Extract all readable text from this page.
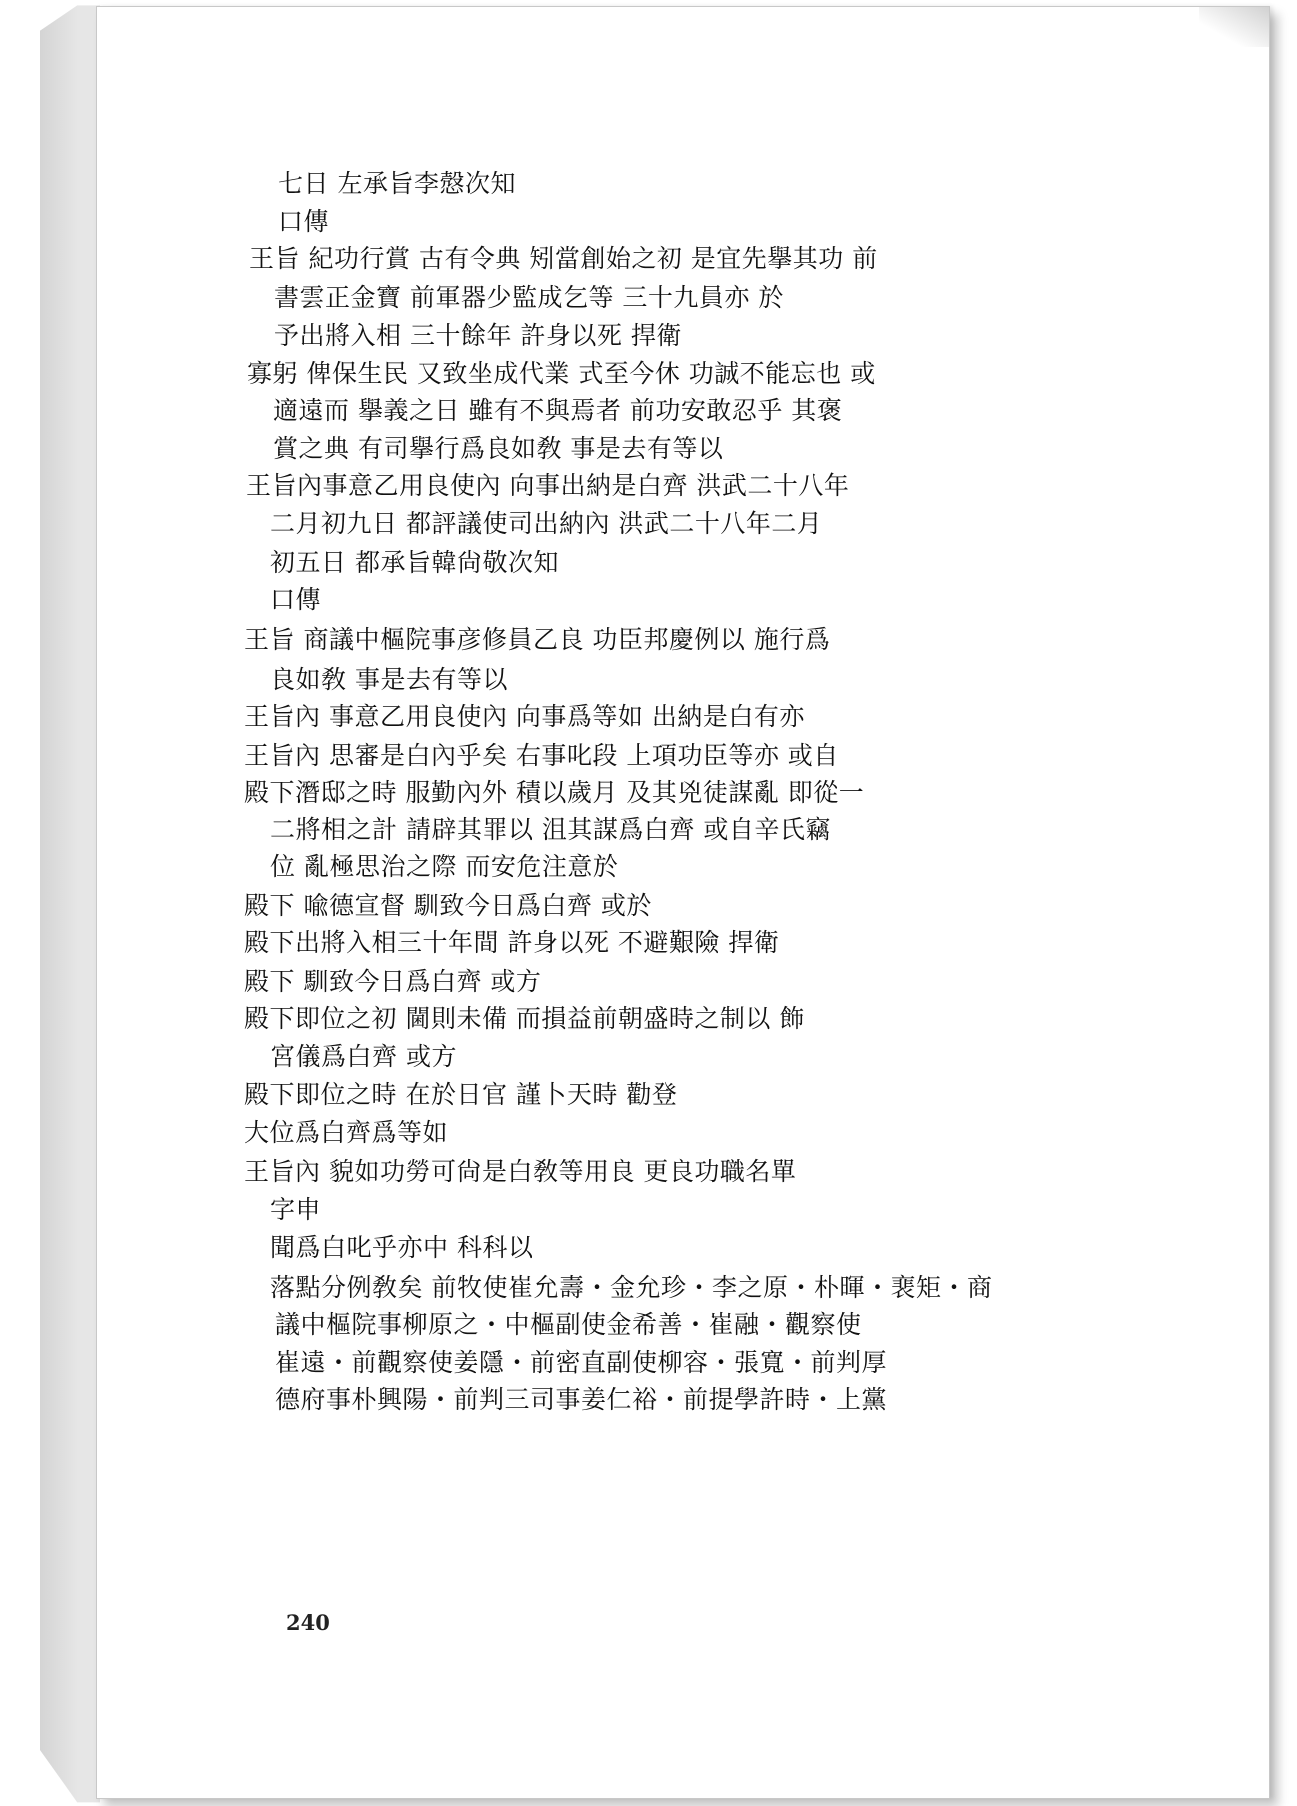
七日 左承旨李慤次知
口傳
王旨 紀功行賞 古有令典 矧當創始之初 是宜先擧其功 前
書雲正金寶 前軍器少監成乞等 三十九員亦 於
予出將入相 三十餘年 許身以死 捍衛
寡躬 俾保生民 又致坐成代業 式至今休 功誠不能忘也 或
適遠而 擧義之日 雖有不與焉者 前功安敢忍乎 其褒
賞之典 有司擧行爲良如敎 事是去有等以
王旨內事意乙用良使內 向事出納是白齊 洪武二十八年
二月初九日 都評議使司出納內 洪武二十八年二月
初五日 都承旨韓尙敬次知
口傳
王旨 商議中樞院事彦修員乙良 功臣邦慶例以 施行爲
良如敎 事是去有等以
王旨內 事意乙用良使內 向事爲等如 出納是白有亦
王旨內 思審是白內乎矣 右事叱段 上項功臣等亦 或自
殿下潛邸之時 服勤內外 積以歲月 及其兇徒謀亂 即從一
二將相之計 請辟其罪以 沮其謀爲白齊 或自辛氏竊
位 亂極思治之際 而安危注意於
殿下 喩德宣督 馴致今日爲白齊 或於
殿下出將入相三十年間 許身以死 不避艱險 捍衛
殿下 馴致今日爲白齊 或方
殿下即位之初 閫則未備 而損益前朝盛時之制以 飾
宮儀爲白齊 或方
殿下即位之時 在於日官 謹卜天時 勸登
大位爲白齊爲等如
王旨內 貌如功勞可尙是白敎等用良 更良功職名單
字申
聞爲白叱乎亦中 科科以
落點分例敎矣 前牧使崔允壽・金允珍・李之原・朴暉・裵矩・商
議中樞院事柳原之・中樞副使金希善・崔融・觀察使
崔遠・前觀察使姜隱・前密直副使柳容・張寬・前判厚
德府事朴興陽・前判三司事姜仁裕・前提學許時・上黨
240
